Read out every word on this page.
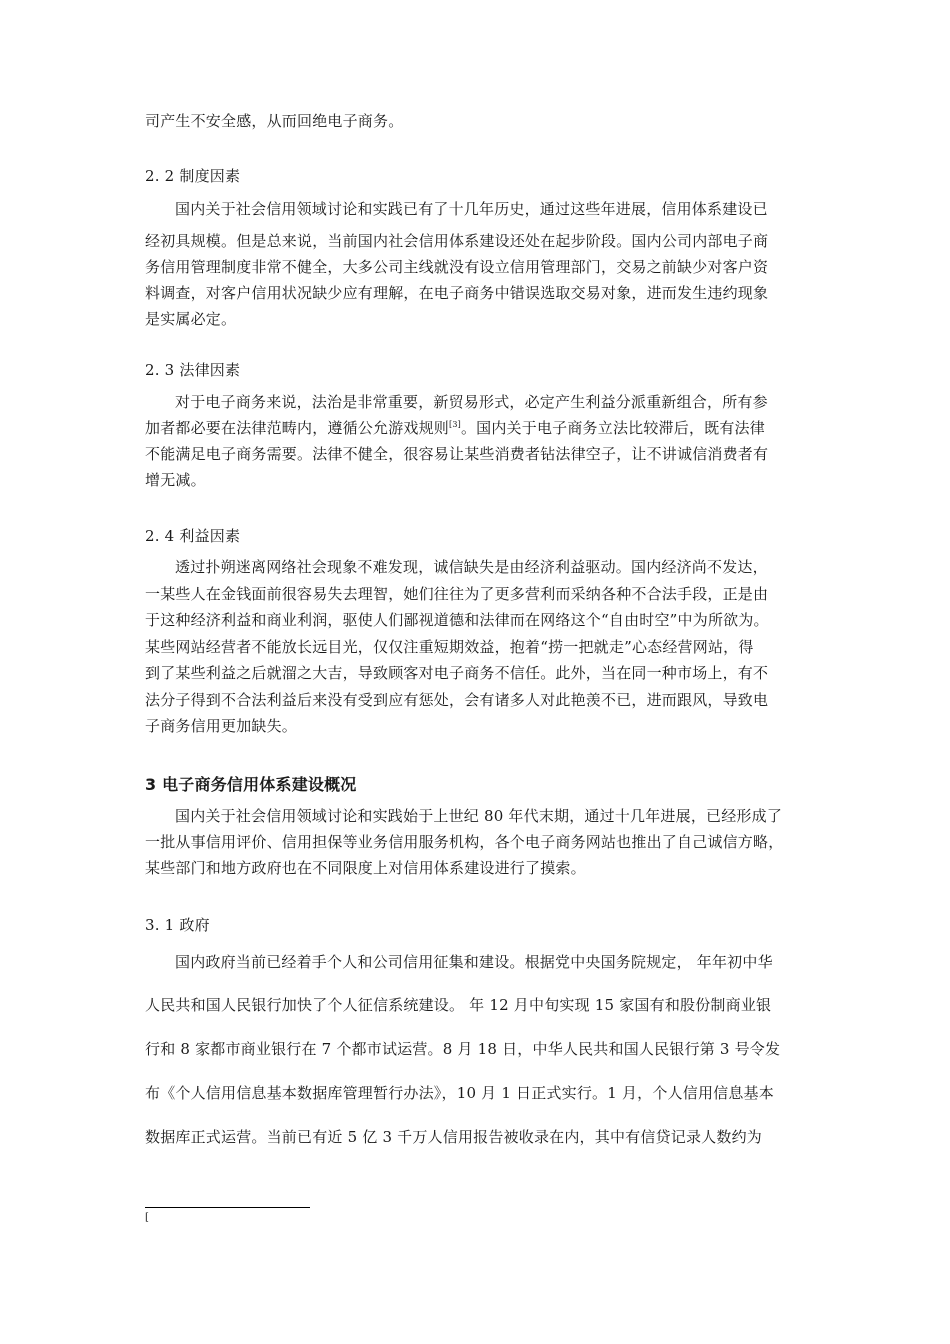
司产生不安全感，从而回绝电子商务。
2. 2 制度因素
国内关于社会信用领域讨论和实践已有了十几年历史，通过这些年进展，信用体系建设已
经初具规模。但是总来说，当前国内社会信用体系建设还处在起步阶段。国内公司内部电子商
务信用管理制度非常不健全，大多公司主线就没有设立信用管理部门，交易之前缺少对客户资
料调查，对客户信用状况缺少应有理解，在电子商务中错误选取交易对象，进而发生违约现象
是实属必定。
2. 3 法律因素
对于电子商务来说，法治是非常重要，新贸易形式，必定产生利益分派重新组合，所有参
加者都必要在法律范畴内，遵循公允游戏规则[3]。国内关于电子商务立法比较滞后，既有法律
不能满足电子商务需要。法律不健全，很容易让某些消费者钻法律空子，让不讲诚信消费者有
增无减。
2. 4 利益因素
透过扑朔迷离网络社会现象不难发现，诚信缺失是由经济利益驱动。国内经济尚不发达，
一某些人在金钱面前很容易失去理智，她们往往为了更多营利而采纳各种不合法手段，正是由
于这种经济利益和商业利润，驱使人们鄙视道德和法律而在网络这个“自由时空”中为所欲为。
某些网站经营者不能放长远目光，仅仅注重短期效益，抱着“捞一把就走”心态经营网站，得
到了某些利益之后就溜之大吉，导致顾客对电子商务不信任。此外，当在同一种市场上，有不
法分子得到不合法利益后来没有受到应有惩处，会有诸多人对此艳羡不已，进而跟风，导致电
子商务信用更加缺失。
3 电子商务信用体系建设概况
国内关于社会信用领域讨论和实践始于上世纪 80 年代末期，通过十几年进展，已经形成了
一批从事信用评价、信用担保等业务信用服务机构，各个电子商务网站也推出了自己诚信方略，
某些部门和地方政府也在不同限度上对信用体系建设进行了摸索。
3. 1 政府
国内政府当前已经着手个人和公司信用征集和建设。根据党中央国务院规定， 年年初中华
人民共和国人民银行加快了个人征信系统建设。 年 12 月中旬实现 15 家国有和股份制商业银
行和 8 家都市商业银行在 7 个都市试运营。8 月 18 日，中华人民共和国人民银行第 3 号令发
布《个人信用信息基本数据库管理暂行办法》，10 月 1 日正式实行。1 月，个人信用信息基本
数据库正式运营。当前已有近 5 亿 3 千万人信用报告被收录在内，其中有信贷记录人数约为
[
